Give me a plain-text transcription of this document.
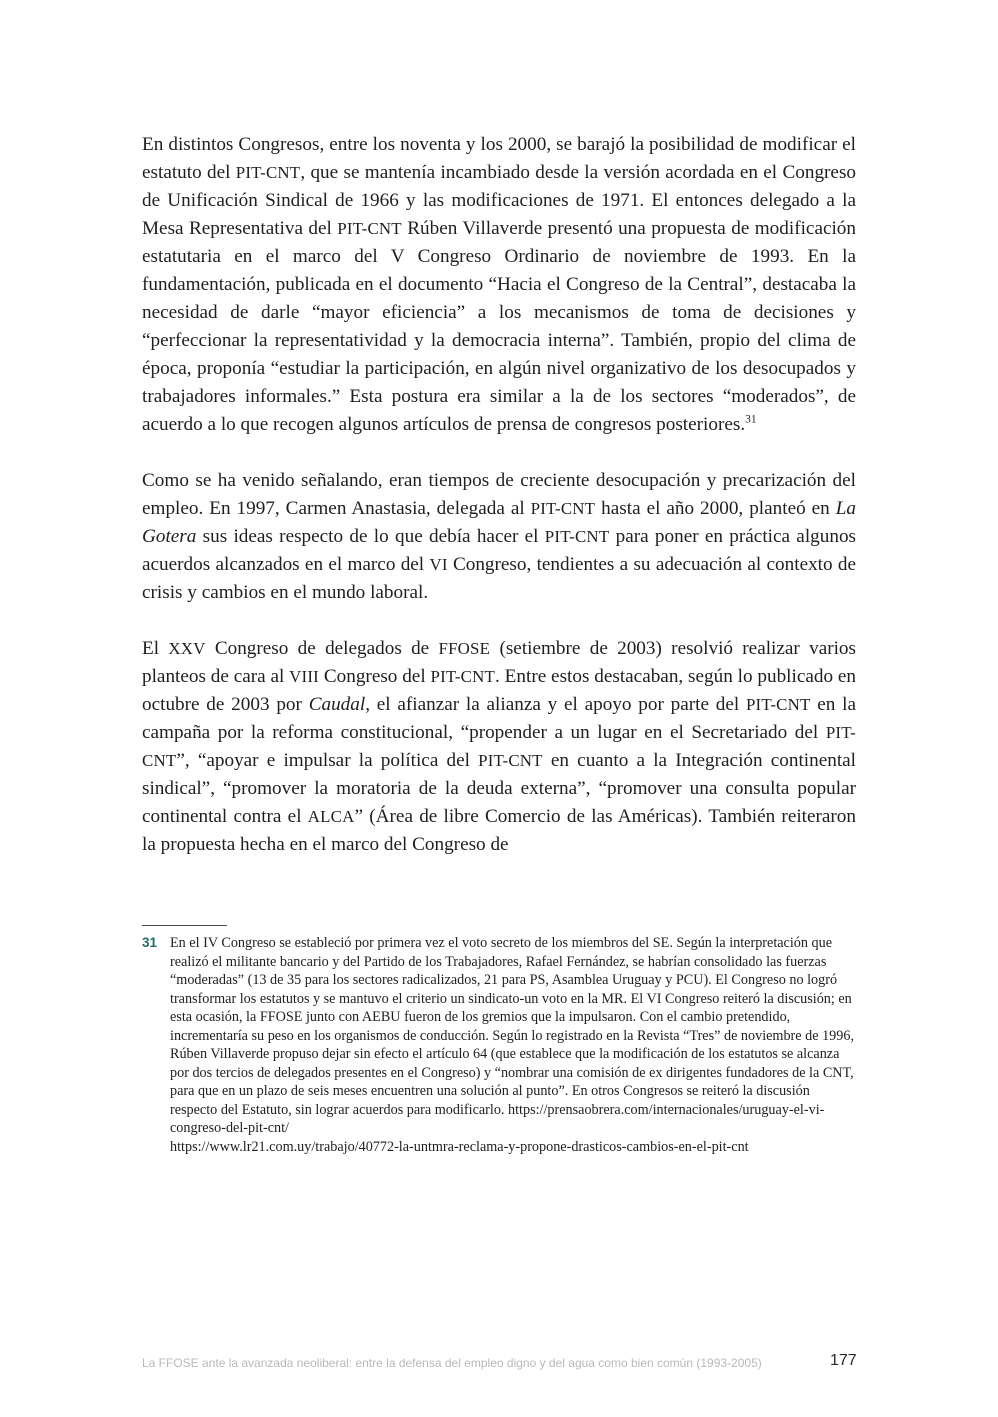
En distintos Congresos, entre los noventa y los 2000, se barajó la posibilidad de modificar el estatuto del PIT-CNT, que se mantenía incambiado desde la versión acordada en el Congreso de Unificación Sindical de 1966 y las modificaciones de 1971. El entonces delegado a la Mesa Representativa del PIT-CNT Rúben Villaverde presentó una propuesta de modificación estatutaria en el marco del V Congreso Ordinario de noviembre de 1993. En la fundamentación, publicada en el documento “Hacia el Congreso de la Central”, destacaba la necesidad de darle “mayor eficiencia” a los mecanismos de toma de decisiones y “perfeccionar la representatividad y la democracia interna”. También, propio del clima de época, proponía “estudiar la participación, en algún nivel organizativo de los desocupados y trabajadores informales.” Esta postura era similar a la de los sectores “moderados”, de acuerdo a lo que recogen algunos artículos de prensa de congresos posteriores.$^{31}$

Como se ha venido señalando, eran tiempos de creciente desocupación y precarización del empleo. En 1997, Carmen Anastasia, delegada al PIT-CNT hasta el año 2000, planteó en La Gotera sus ideas respecto de lo que debía hacer el PIT-CNT para poner en práctica algunos acuerdos alcanzados en el marco del VI Congreso, tendientes a su adecuación al contexto de crisis y cambios en el mundo laboral.

El XXV Congreso de delegados de FFOSE (setiembre de 2003) resolvió realizar varios planteos de cara al VIII Congreso del PIT-CNT. Entre estos destacaban, según lo publicado en octubre de 2003 por Caudal, el afianzar la alianza y el apoyo por parte del PIT-CNT en la campaña por la reforma constitucional, “propender a un lugar en el Secretariado del PIT-CNT”, “apoyar e impulsar la política del PIT-CNT en cuanto a la Integración continental sindical”, “promover la moratoria de la deuda externa”, “promover una consulta popular continental contra el ALCA” (Área de libre Comercio de las Américas). También reiteraron la propuesta hecha en el marco del Congreso de

31 En el IV Congreso se estableció por primera vez el voto secreto de los miembros del SE. Según la interpretación que realizó el militante bancario y del Partido de los Trabajadores, Rafael Fernández, se habrían consolidado las fuerzas “moderadas” (13 de 35 para los sectores radicalizados, 21 para PS, Asamblea Uruguay y PCU). El Congreso no logró transformar los estatutos y se mantuvo el criterio un sindicato-un voto en la MR. El VI Congreso reiteró la discusión; en esta ocasión, la FFOSE junto con AEBU fueron de los gremios que la impulsaron. Con el cambio pretendido, incrementaría su peso en los organismos de conducción. Según lo registrado en la Revista “Tres” de noviembre de 1996, Rúben Villaverde propuso dejar sin efecto el artículo 64 (que establece que la modificación de los estatutos se alcanza por dos tercios de delegados presentes en el Congreso) y “nombrar una comisión de ex dirigentes fundadores de la CNT, para que en un plazo de seis meses encuentren una solución al punto”. En otros Congresos se reiteró la discusión respecto del Estatuto, sin lograr acuerdos para modificarlo. https://prensaobrera.com/internacionales/uruguay-el-vi-congreso-del-pit-cnt/

https://www.lr21.com.uy/trabajo/40772-la-untmra-reclama-y-propone-drasticos-cambios-en-el-pit-cnt

La FFOSE ante la avanzada neoliberal: entre la defensa del empleo digno y del agua como bien común (1993-2005)	177
